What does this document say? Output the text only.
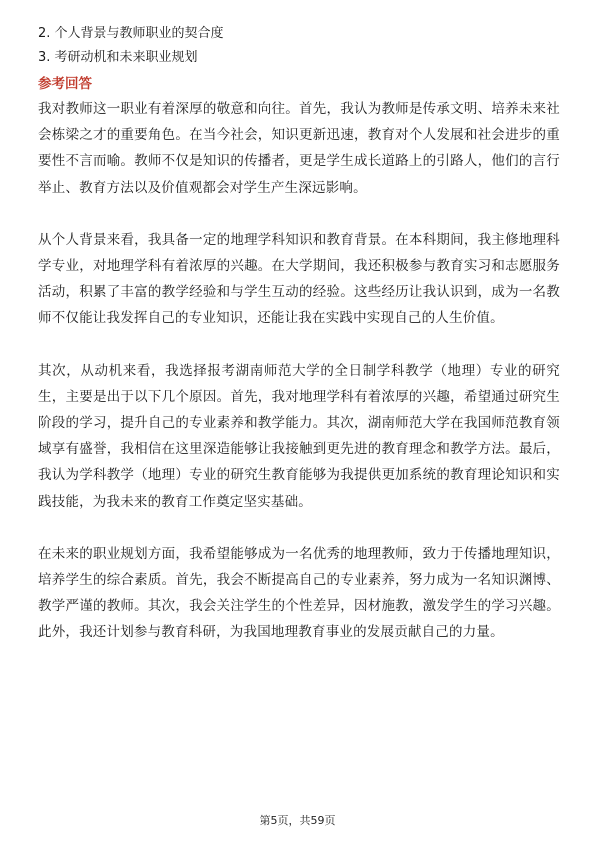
2. 个人背景与教师职业的契合度
3. 考研动机和未来职业规划
参考回答

我对教师这一职业有着深厚的敬意和向往。首先，我认为教师是传承文明、培养未来社会栋梁之才的重要角色。在当今社会，知识更新迅速，教育对个人发展和社会进步的重要性不言而喻。教师不仅是知识的传播者，更是学生成长道路上的引路人，他们的言行举止、教育方法以及价值观都会对学生产生深远影响。

从个人背景来看，我具备一定的地理学科知识和教育背景。在本科期间，我主修地理科学专业，对地理学科有着浓厚的兴趣。在大学期间，我还积极参与教育实习和志愿服务活动，积累了丰富的教学经验和与学生互动的经验。这些经历让我认识到，成为一名教师不仅能让我发挥自己的专业知识，还能让我在实践中实现自己的人生价值。

其次，从动机来看，我选择报考湖南师范大学的全日制学科教学（地理）专业的研究生，主要是出于以下几个原因。首先，我对地理学科有着浓厚的兴趣，希望通过研究生阶段的学习，提升自己的专业素养和教学能力。其次，湖南师范大学在我国师范教育领域享有盛誉，我相信在这里深造能够让我接触到更先进的教育理念和教学方法。最后，我认为学科教学（地理）专业的研究生教育能够为我提供更加系统的教育理论知识和实践技能，为我未来的教育工作奠定坚实基础。

在未来的职业规划方面，我希望能够成为一名优秀的地理教师，致力于传播地理知识，培养学生的综合素质。首先，我会不断提高自己的专业素养，努力成为一名知识渊博、教学严谨的教师。其次，我会关注学生的个性差异，因材施教，激发学生的学习兴趣。此外，我还计划参与教育科研，为我国地理教育事业的发展贡献自己的力量。

第5页，共59页
